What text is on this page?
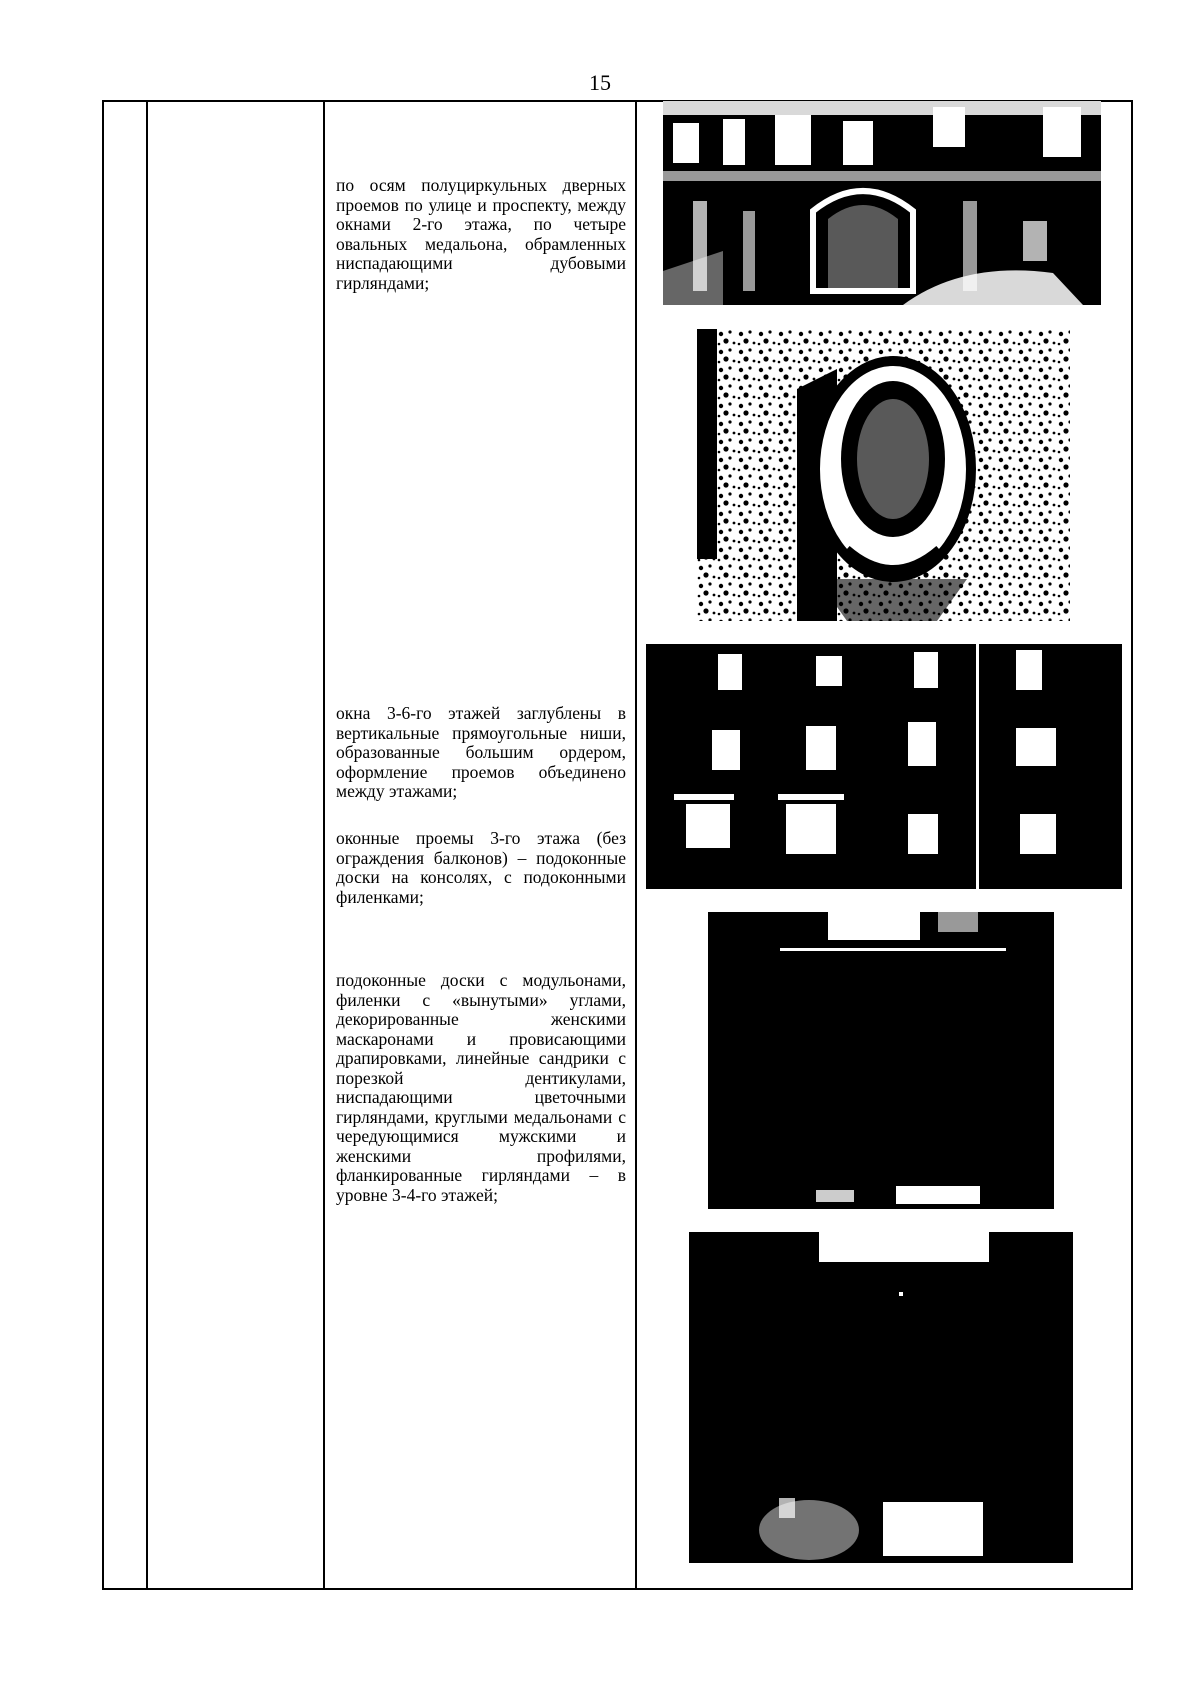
15
по осям полуциркульных дверных проемов по улице и проспекту, между окнами 2-го этажа, по четыре овальных медальона, обрамленных ниспадающими дубовыми гирляндами;
окна 3-6-го этажей заглублены в вертикальные прямоугольные ниши, образованные большим ордером, оформление проемов объединено между этажами;
оконные проемы 3-го этажа (без ограждения балконов) – подоконные доски на консолях, с подоконными филенками;
подоконные доски с модульонами, филенки с «вынутыми» углами, декорированные женскими маскаронами и провисающими драпировками, линейные сандрики с порезкой дентикулами, ниспадающими цветочными гирляндами, круглыми медальонами с чередующимися мужскими и женскими профилями, фланкированные гирляндами – в уровне 3-4-го этажей;
